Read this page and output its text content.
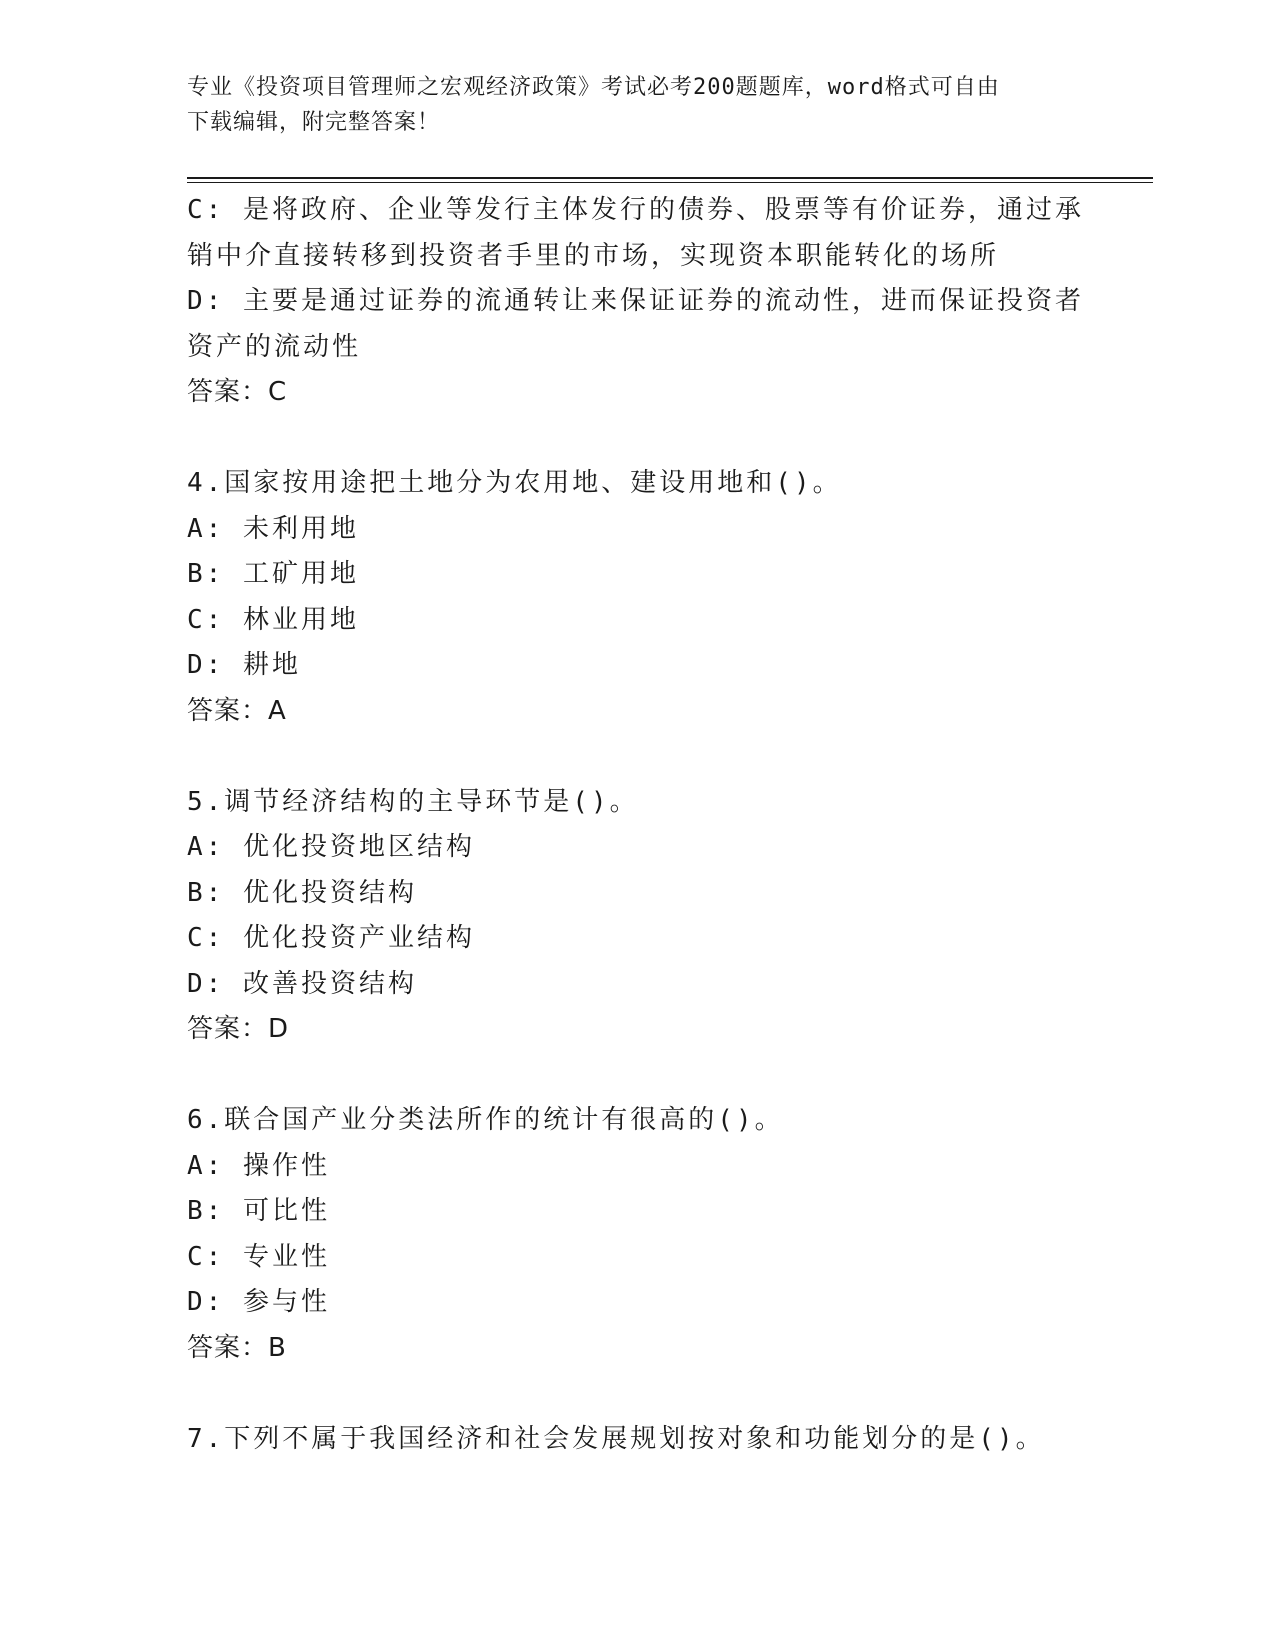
专业《投资项目管理师之宏观经济政策》考试必考200题题库，word格式可自由
下载编辑，附完整答案！
C: 是将政府、企业等发行主体发行的债券、股票等有价证券，通过承
销中介直接转移到投资者手里的市场，实现资本职能转化的场所
D: 主要是通过证券的流通转让来保证证券的流动性，进而保证投资者
资产的流动性
答案：C
4.国家按用途把土地分为农用地、建设用地和()。
A: 未利用地
B: 工矿用地
C: 林业用地
D: 耕地
答案：A
5.调节经济结构的主导环节是()。
A: 优化投资地区结构
B: 优化投资结构
C: 优化投资产业结构
D: 改善投资结构
答案：D
6.联合国产业分类法所作的统计有很高的()。
A: 操作性
B: 可比性
C: 专业性
D: 参与性
答案：B
7.下列不属于我国经济和社会发展规划按对象和功能划分的是()。
